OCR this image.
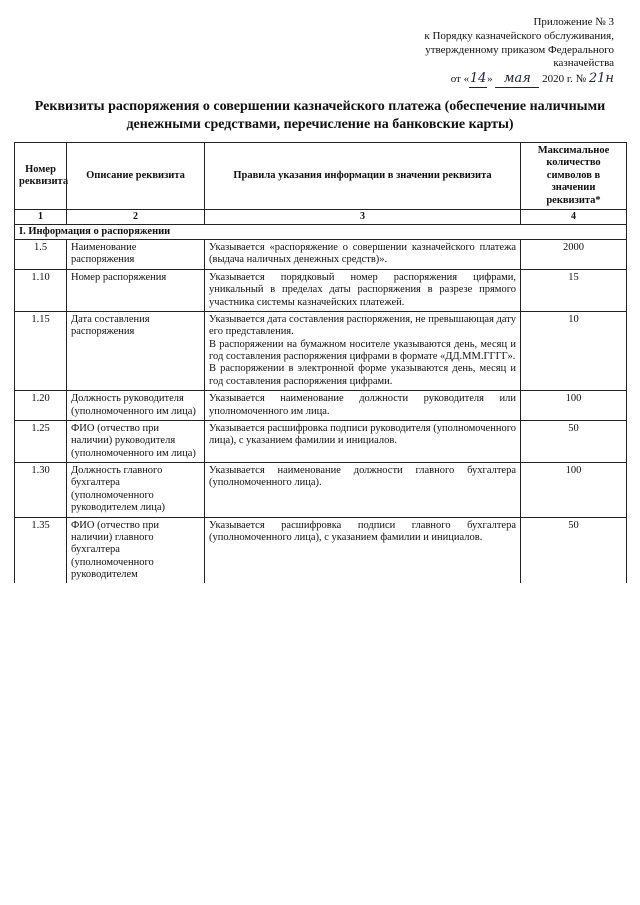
Приложение № 3
к Порядку казначейского обслуживания,
утвержденному приказом Федерального
казначейства
от «14» мая 2020 г. № 21н
Реквизиты распоряжения о совершении казначейского платежа (обеспечение наличными денежными средствами, перечисление на банковские карты)
Номер реквизита	Описание реквизита	Правила указания информации в значении реквизита	Максимальное количество символов в значении реквизита*
1	2	3	4
I. Информация о распоряжении			
1.5	Наименование распоряжения	Указывается «распоряжение о совершении казначейского платежа (выдача наличных денежных средств)».	2000
1.10	Номер распоряжения	Указывается порядковый номер распоряжения цифрами, уникальный в пределах даты распоряжения в разрезе прямого участника системы казначейских платежей.	15
1.15	Дата составления распоряжения	Указывается дата составления распоряжения, не превышающая дату его представления.
В распоряжении на бумажном носителе указываются день, месяц и год составления распоряжения цифрами в формате «ДД.ММ.ГГГГ».
В распоряжении в электронной форме указываются день, месяц и год составления распоряжения цифрами.	10
1.20	Должность руководителя (уполномоченного им лица)	Указывается наименование должности руководителя или уполномоченного им лица.	100
1.25	ФИО (отчество при наличии) руководителя (уполномоченного им лица)	Указывается расшифровка подписи руководителя (уполномоченного лица), с указанием фамилии и инициалов.	50
1.30	Должность главного бухгалтера (уполномоченного руководителем лица)	Указывается наименование должности главного бухгалтера (уполномоченного лица).	100
1.35	ФИО (отчество при наличии) главного бухгалтера (уполномоченного руководителем	Указывается расшифровка подписи главного бухгалтера (уполномоченного лица), с указанием фамилии и инициалов.	50
